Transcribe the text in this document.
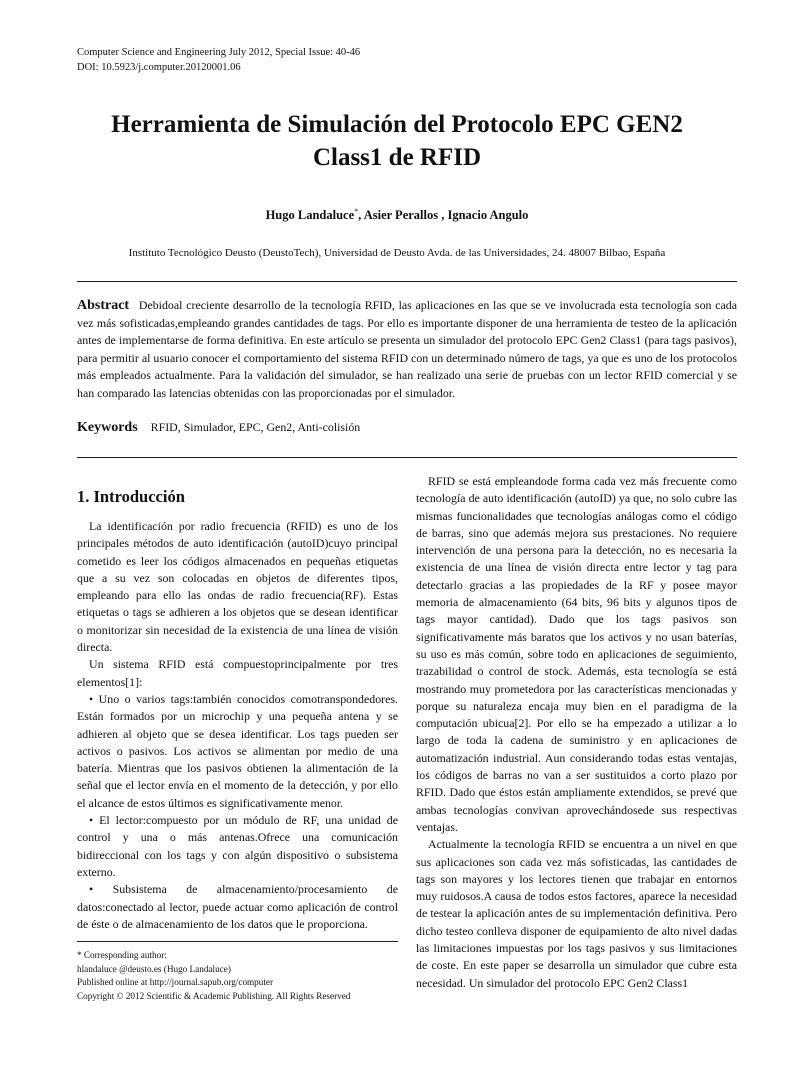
Computer Science and Engineering July 2012, Special Issue: 40-46
DOI: 10.5923/j.computer.20120001.06
Herramienta de Simulación del Protocolo EPC GEN2
Class1 de RFID
Hugo Landaluce*, Asier Perallos , Ignacio Angulo
Instituto Tecnológico Deusto (DeustoTech), Universidad de Deusto Avda. de las Universidades, 24. 48007 Bilbao, España
Abstract Debidoal creciente desarrollo de la tecnología RFID, las aplicaciones en las que se ve involucrada esta tecnología son cada vez más sofisticadas,empleando grandes cantidades de tags. Por ello es importante disponer de una herramienta de testeo de la aplicación antes de implementarse de forma definitiva. En este artículo se presenta un simulador del protocolo EPC Gen2 Class1 (para tags pasivos), para permitir al usuario conocer el comportamiento del sistema RFID con un determinado número de tags, ya que es uno de los protocolos más empleados actualmente. Para la validación del simulador, se han realizado una serie de pruebas con un lector RFID comercial y se han comparado las latencias obtenidas con las proporcionadas por el simulador.
Keywords RFID, Simulador, EPC, Gen2, Anti-colisión
1. Introducción

La identificación por radio frecuencia (RFID) es uno de los principales métodos de auto identificación (autoID)cuyo principal cometido es leer los códigos almacenados en pequeñas etiquetas que a su vez son colocadas en objetos de diferentes tipos, empleando para ello las ondas de radio frecuencia(RF). Estas etiquetas o tags se adhieren a los objetos que se desean identificar o monitorizar sin necesidad de la existencia de una línea de visión directa.

Un sistema RFID está compuestoprincipalmente por tres elementos[1]:

• Uno o varios tags:también conocidos comotranspondedores. Están formados por un microchip y una pequeña antena y se adhieren al objeto que se desea identificar. Los tags pueden ser activos o pasivos. Los activos se alimentan por medio de una batería. Mientras que los pasivos obtienen la alimentación de la señal que el lector envía en el momento de la detección, y por ello el alcance de estos últimos es significativamente menor.

• El lector:compuesto por un módulo de RF, una unidad de control y una o más antenas.Ofrece una comunicación bidireccional con los tags y con algún dispositivo o subsistema externo.

• Subsistema de almacenamiento/procesamiento de datos:conectado al lector, puede actuar como aplicación de control de éste o de almacenamiento de los datos que le proporciona.

RFID se está empleandode forma cada vez más frecuente como tecnología de auto identificación (autoID) ya que, no solo cubre las mismas funcionalidades que tecnologías análogas como el código de barras, sino que además mejora sus prestaciones. No requiere intervención de una persona para la detección, no es necesaria la existencia de una línea de visión directa entre lector y tag para detectarlo gracias a las propiedades de la RF y posee mayor memoria de almacenamiento (64 bits, 96 bits y algunos tipos de tags mayor cantidad). Dado que los tags pasivos son significativamente más baratos que los activos y no usan baterías, su uso es más común, sobre todo en aplicaciones de seguimiento, trazabilidad o control de stock. Además, esta tecnología se está mostrando muy prometedora por las características mencionadas y porque su naturaleza encaja muy bien en el paradigma de la computación ubicua[2]. Por ello se ha empezado a utilizar a lo largo de toda la cadena de suministro y en aplicaciones de automatización industrial. Aun considerando todas estas ventajas, los códigos de barras no van a ser sustituidos a corto plazo por RFID. Dado que éstos están ampliamente extendidos, se prevé que ambas tecnologías convivan aprovechándosede sus respectivas ventajas.

Actualmente la tecnología RFID se encuentra a un nivel en que sus aplicaciones son cada vez más sofisticadas, las cantidades de tags son mayores y los lectores tienen que trabajar en entornos muy ruidosos.A causa de todos estos factores, aparece la necesidad de testear la aplicación antes de su implementación definitiva. Pero dicho testeo conlleva disponer de equipamiento de alto nivel dadas las limitaciones impuestas por los tags pasivos y sus limitaciones de coste. En este paper se desarrolla un simulador que cubre esta necesidad. Un simulador del protocolo EPC Gen2 Class1

* Corresponding author:
hlandaluce @deusto.es (Hugo Landaluce)
Published online at http://journal.sapub.org/computer
Copyright © 2012 Scientific & Academic Publishing. All Rights Reserved
